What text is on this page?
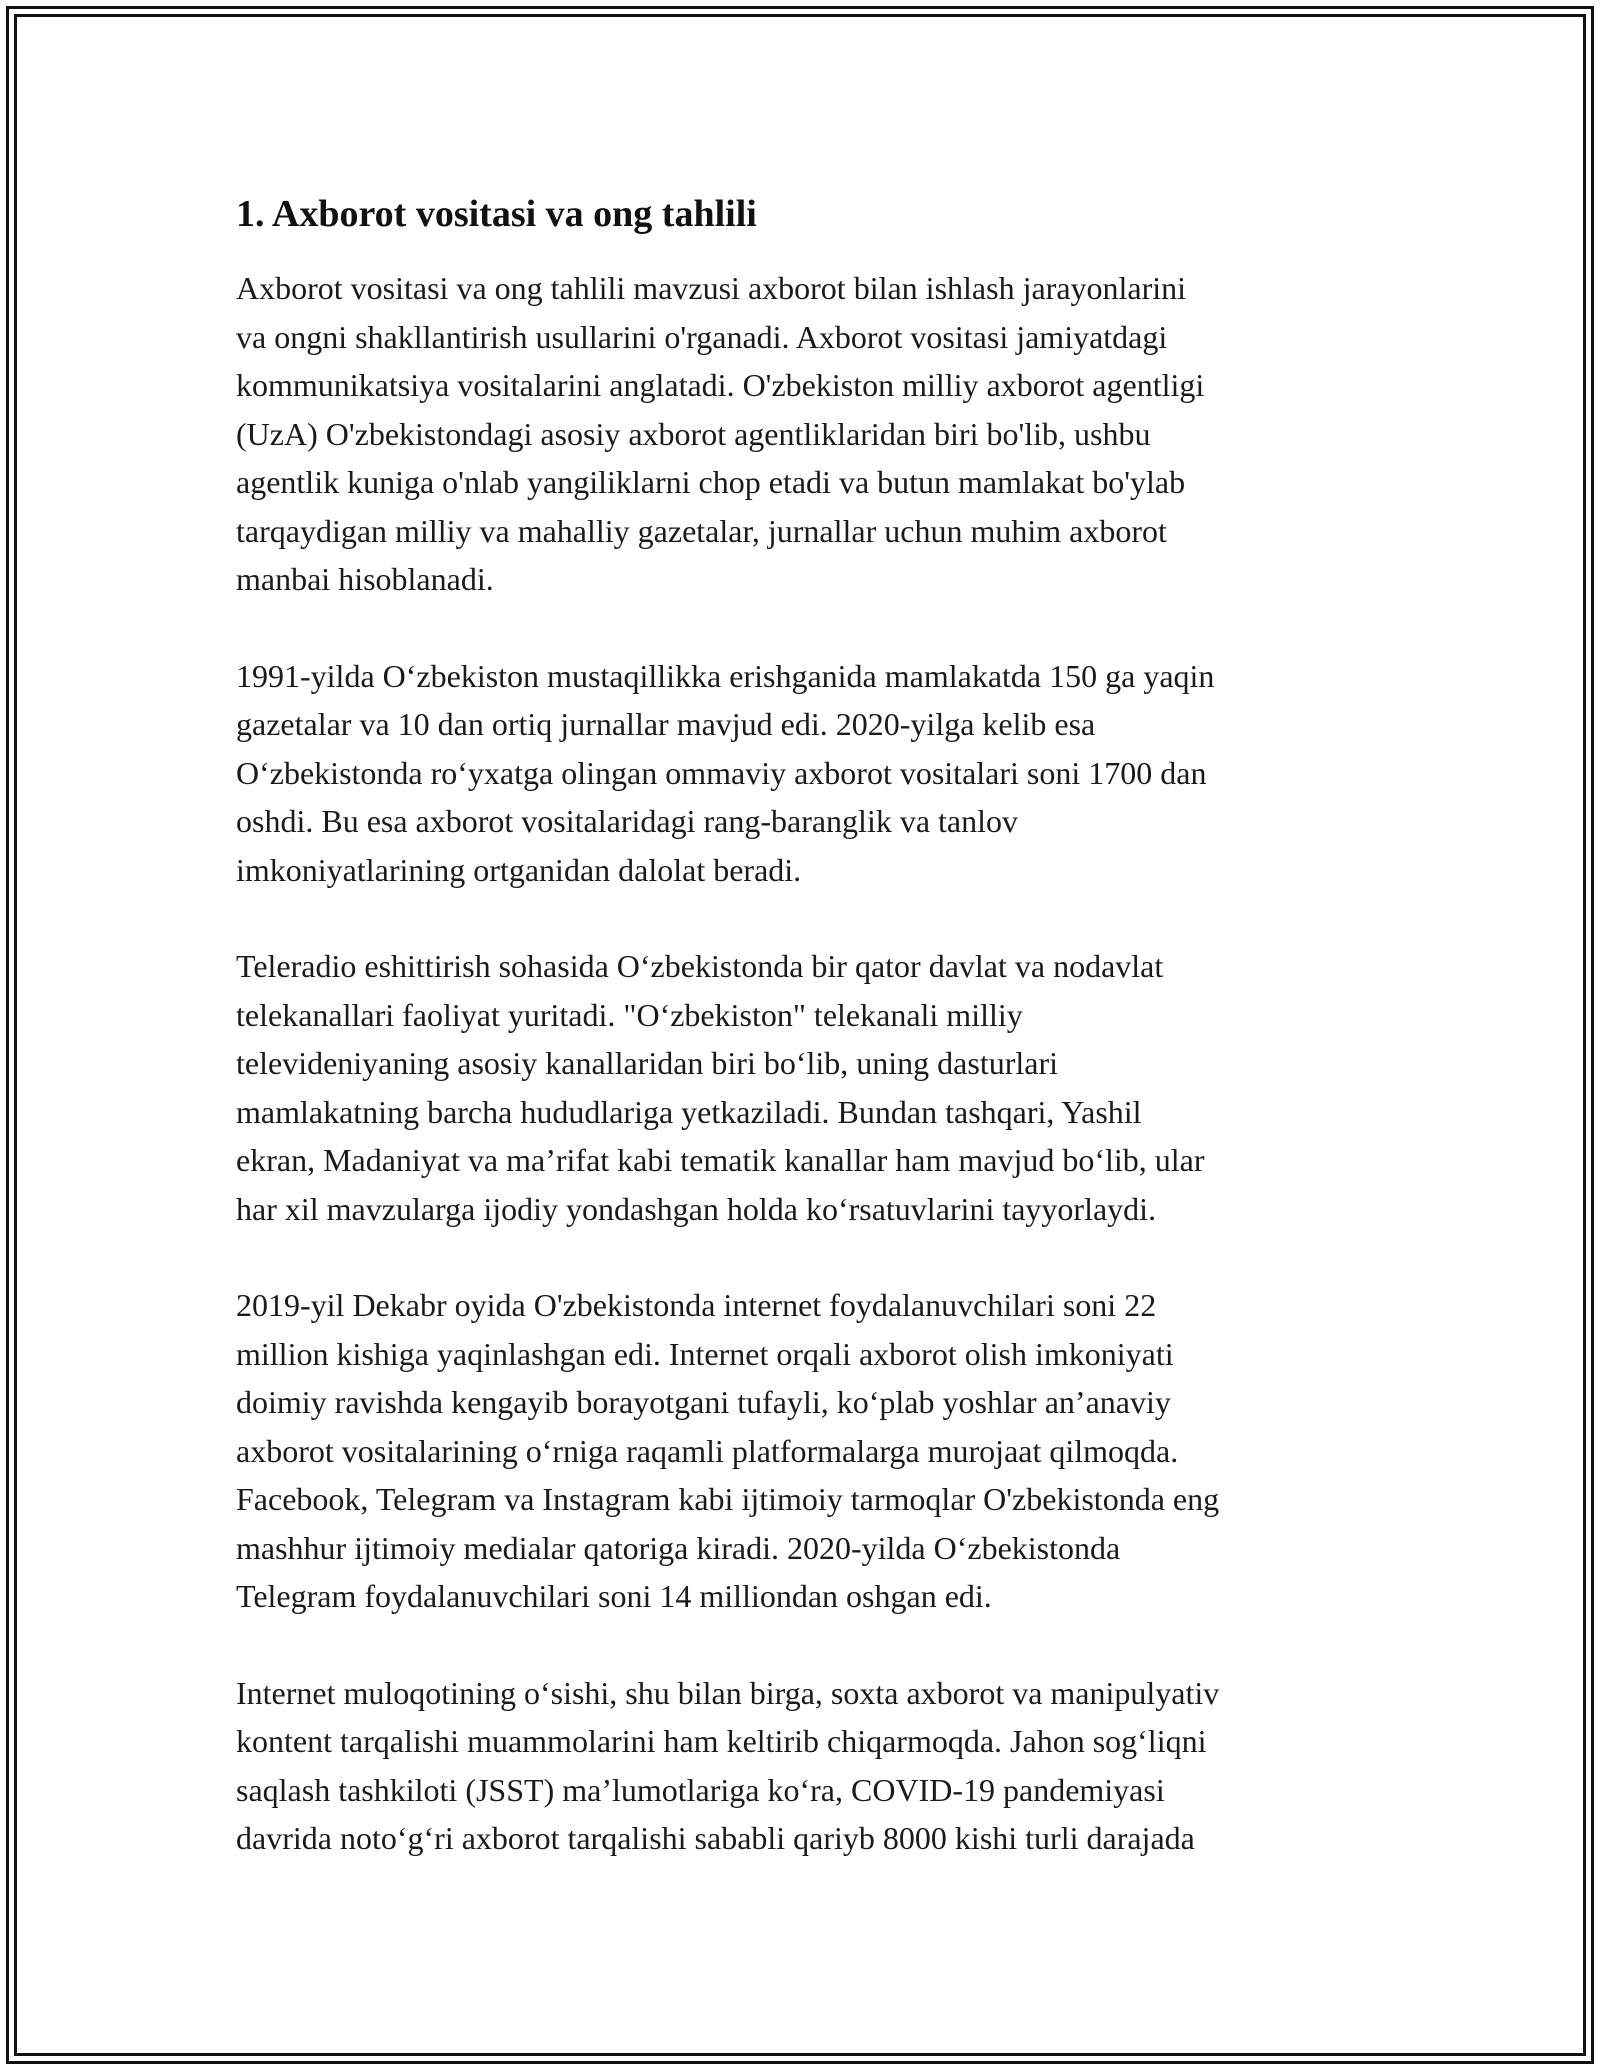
1. Axborot vositasi va ong tahlili

Axborot vositasi va ong tahlili mavzusi axborot bilan ishlash jarayonlarini
va ongni shakllantirish usullarini o'rganadi. Axborot vositasi jamiyatdagi
kommunikatsiya vositalarini anglatadi. O'zbekiston milliy axborot agentligi
(UzA) O'zbekistondagi asosiy axborot agentliklaridan biri bo'lib, ushbu
agentlik kuniga o'nlab yangiliklarni chop etadi va butun mamlakat bo'ylab
tarqaydigan milliy va mahalliy gazetalar, jurnallar uchun muhim axborot
manbai hisoblanadi.

1991-yilda Oʻzbekiston mustaqillikka erishganida mamlakatda 150 ga yaqin
gazetalar va 10 dan ortiq jurnallar mavjud edi. 2020-yilga kelib esa
Oʻzbekistonda roʻyxatga olingan ommaviy axborot vositalari soni 1700 dan
oshdi. Bu esa axborot vositalaridagi rang-baranglik va tanlov
imkoniyatlarining ortganidan dalolat beradi.

Teleradio eshittirish sohasida Oʻzbekistonda bir qator davlat va nodavlat
telekanallari faoliyat yuritadi. "Oʻzbekiston" telekanali milliy
televideniyaning asosiy kanallaridan biri boʻlib, uning dasturlari
mamlakatning barcha hududlariga yetkaziladi. Bundan tashqari, Yashil
ekran, Madaniyat va maʼrifat kabi tematik kanallar ham mavjud boʻlib, ular
har xil mavzularga ijodiy yondashgan holda koʻrsatuvlarini tayyorlaydi.

2019-yil Dekabr oyida O'zbekistonda internet foydalanuvchilari soni 22
million kishiga yaqinlashgan edi. Internet orqali axborot olish imkoniyati
doimiy ravishda kengayib borayotgani tufayli, koʻplab yoshlar anʼanaviy
axborot vositalarining oʻrniga raqamli platformalarga murojaat qilmoqda.
Facebook, Telegram va Instagram kabi ijtimoiy tarmoqlar O'zbekistonda eng
mashhur ijtimoiy medialar qatoriga kiradi. 2020-yilda Oʻzbekistonda
Telegram foydalanuvchilari soni 14 milliondan oshgan edi.

Internet muloqotining oʻsishi, shu bilan birga, soxta axborot va manipulyativ
kontent tarqalishi muammolarini ham keltirib chiqarmoqda. Jahon sogʻliqni
saqlash tashkiloti (JSST) maʼlumotlariga koʻra, COVID-19 pandemiyasi
davrida notoʻgʻri axborot tarqalishi sababli qariyb 8000 kishi turli darajada
